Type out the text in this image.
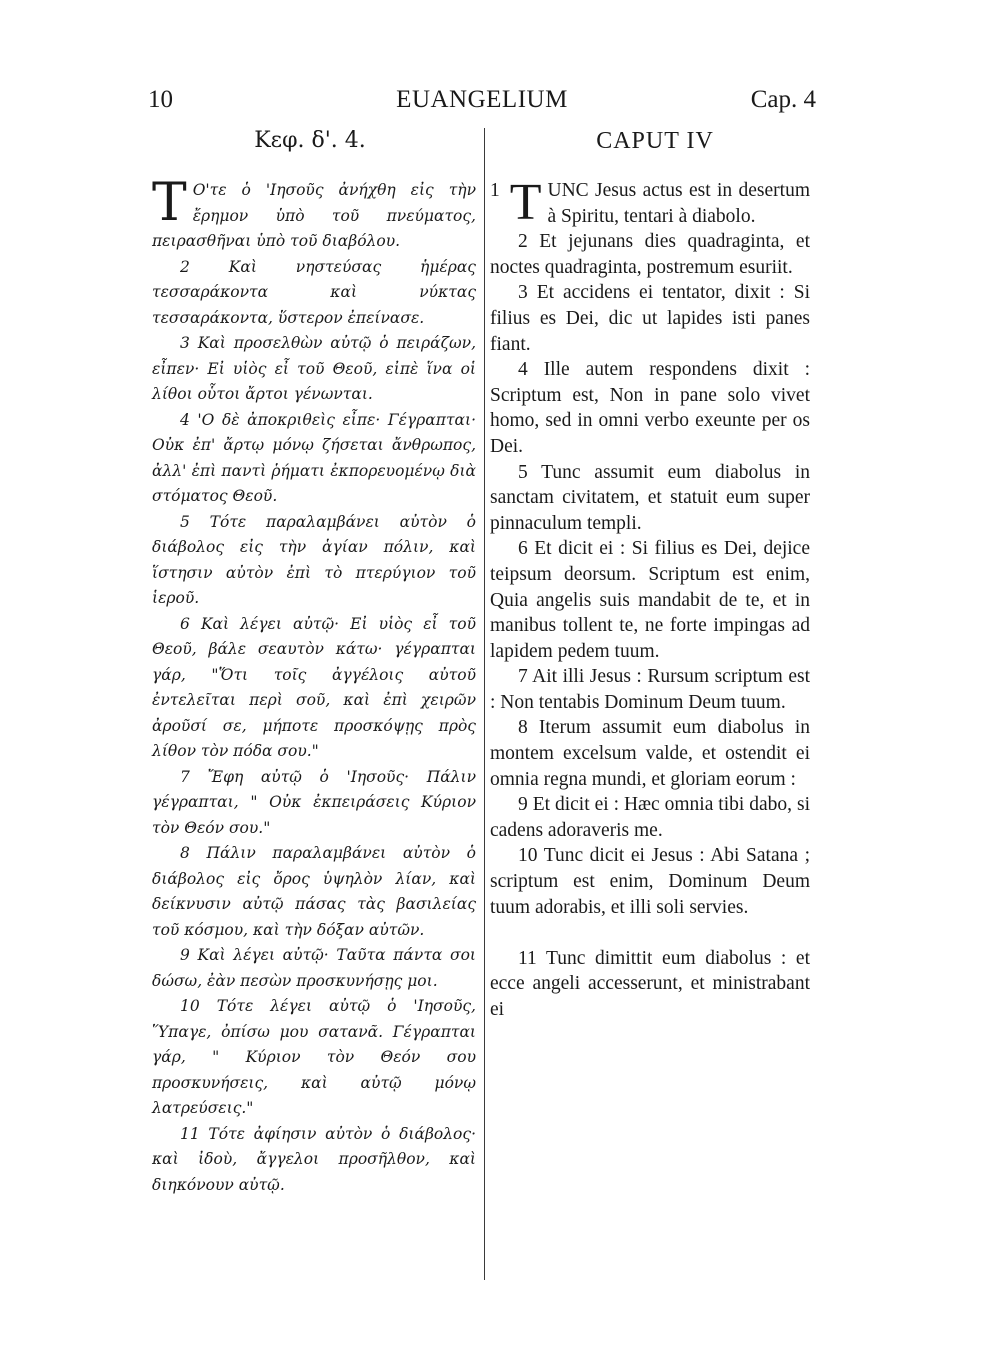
10	EUANGELIUM	Cap. 4
Κεφ. δ'. 4.	CAPUT IV

Τ Ο'τε ὁ 'Ιησοῦς ἀνήχθη εἰς τὴν ἔρημον ὑπὸ τοῦ πνεύματος, πειρασθῆναι ὑπὸ τοῦ διαβόλου.

2 Καὶ νηστεύσας ἡμέρας τεσσαράκοντα καὶ νύκτας τεσσαράκοντα, ὕστερον ἐπείνασε.

3 Καὶ προσελθὼν αὐτῷ ὁ πειράζων, εἶπεν· Εἰ υἱὸς εἶ τοῦ Θεοῦ, εἰπὲ ἵνα οἱ λίθοι οὗτοι ἄρτοι γένωνται.

4 'Ο δὲ ἀποκριθεὶς εἶπε· Γέγραπται· Οὐκ ἐπ' ἄρτῳ μόνῳ ζήσεται ἄνθρωπος, ἀλλ' ἐπὶ παντὶ ῥήματι ἐκπορευομένῳ διὰ στόματος Θεοῦ.

5 Τότε παραλαμβάνει αὐτὸν ὁ διάβολος εἰς τὴν ἁγίαν πόλιν, καὶ ἵστησιν αὐτὸν ἐπὶ τὸ πτερύγιον τοῦ ἱεροῦ.

6 Καὶ λέγει αὐτῷ· Εἰ υἱὸς εἶ τοῦ Θεοῦ, βάλε σεαυτὸν κάτω· γέγραπται γάρ, "Ὅτι τοῖς ἀγγέλοις αὐτοῦ ἐντελεῖται περὶ σοῦ, καὶ ἐπὶ χειρῶν ἀροῦσί σε, μήποτε προσκόψῃς πρὸς λίθον τὸν πόδα σου."

7 Ἔφη αὐτῷ ὁ 'Ιησοῦς· Πάλιν γέγραπται, " Οὐκ ἐκπειράσεις Κύριον τὸν Θεόν σου."

8 Πάλιν παραλαμβάνει αὐτὸν ὁ διάβολος εἰς ὄρος ὑψηλὸν λίαν, καὶ δείκνυσιν αὐτῷ πάσας τὰς βασιλείας τοῦ κόσμου, καὶ τὴν δόξαν αὐτῶν.

9 Καὶ λέγει αὐτῷ· Ταῦτα πάντα σοι δώσω, ἐὰν πεσὼν προσκυνήσῃς μοι.

10 Τότε λέγει αὐτῷ ὁ 'Ιησοῦς, Ὕπαγε, ὀπίσω μου σατανᾶ. Γέγραπται γάρ, " Κύριον τὸν Θεόν σου προσκυνήσεις, καὶ αὐτῷ μόνῳ λατρεύσεις."

11 Τότε ἀφίησιν αὐτὸν ὁ διάβολος· καὶ ἰδοὺ, ἄγγελοι προσῆλθον, καὶ διηκόνουν αὐτῷ.

1 T UNC Jesus actus est in desertum à Spiritu, tentari à diabolo.

2 Et jejunans dies quadraginta, et noctes quadraginta, postremum esuriit.

3 Et accidens ei tentator, dixit : Si filius es Dei, dic ut lapides isti panes fiant.

4 Ille autem respondens dixit : Scriptum est, Non in pane solo vivet homo, sed in omni verbo exeunte per os Dei.

5 Tunc assumit eum diabolus in sanctam civitatem, et statuit eum super pinnaculum templi.

6 Et dicit ei : Si filius es Dei, dejice teipsum deorsum. Scriptum est enim, Quia angelis suis mandabit de te, et in manibus tollent te, ne forte impingas ad lapidem pedem tuum.

7 Ait illi Jesus : Rursum scriptum est : Non tentabis Dominum Deum tuum.

8 Iterum assumit eum diabolus in montem excelsum valde, et ostendit ei omnia regna mundi, et gloriam eorum :

9 Et dicit ei : Hæc omnia tibi dabo, si cadens adoraveris me.

10 Tunc dicit ei Jesus : Abi Satana ; scriptum est enim, Dominum Deum tuum adorabis, et illi soli servies.

11 Tunc dimittit eum diabolus : et ecce angeli accesserunt, et ministrabant ei
